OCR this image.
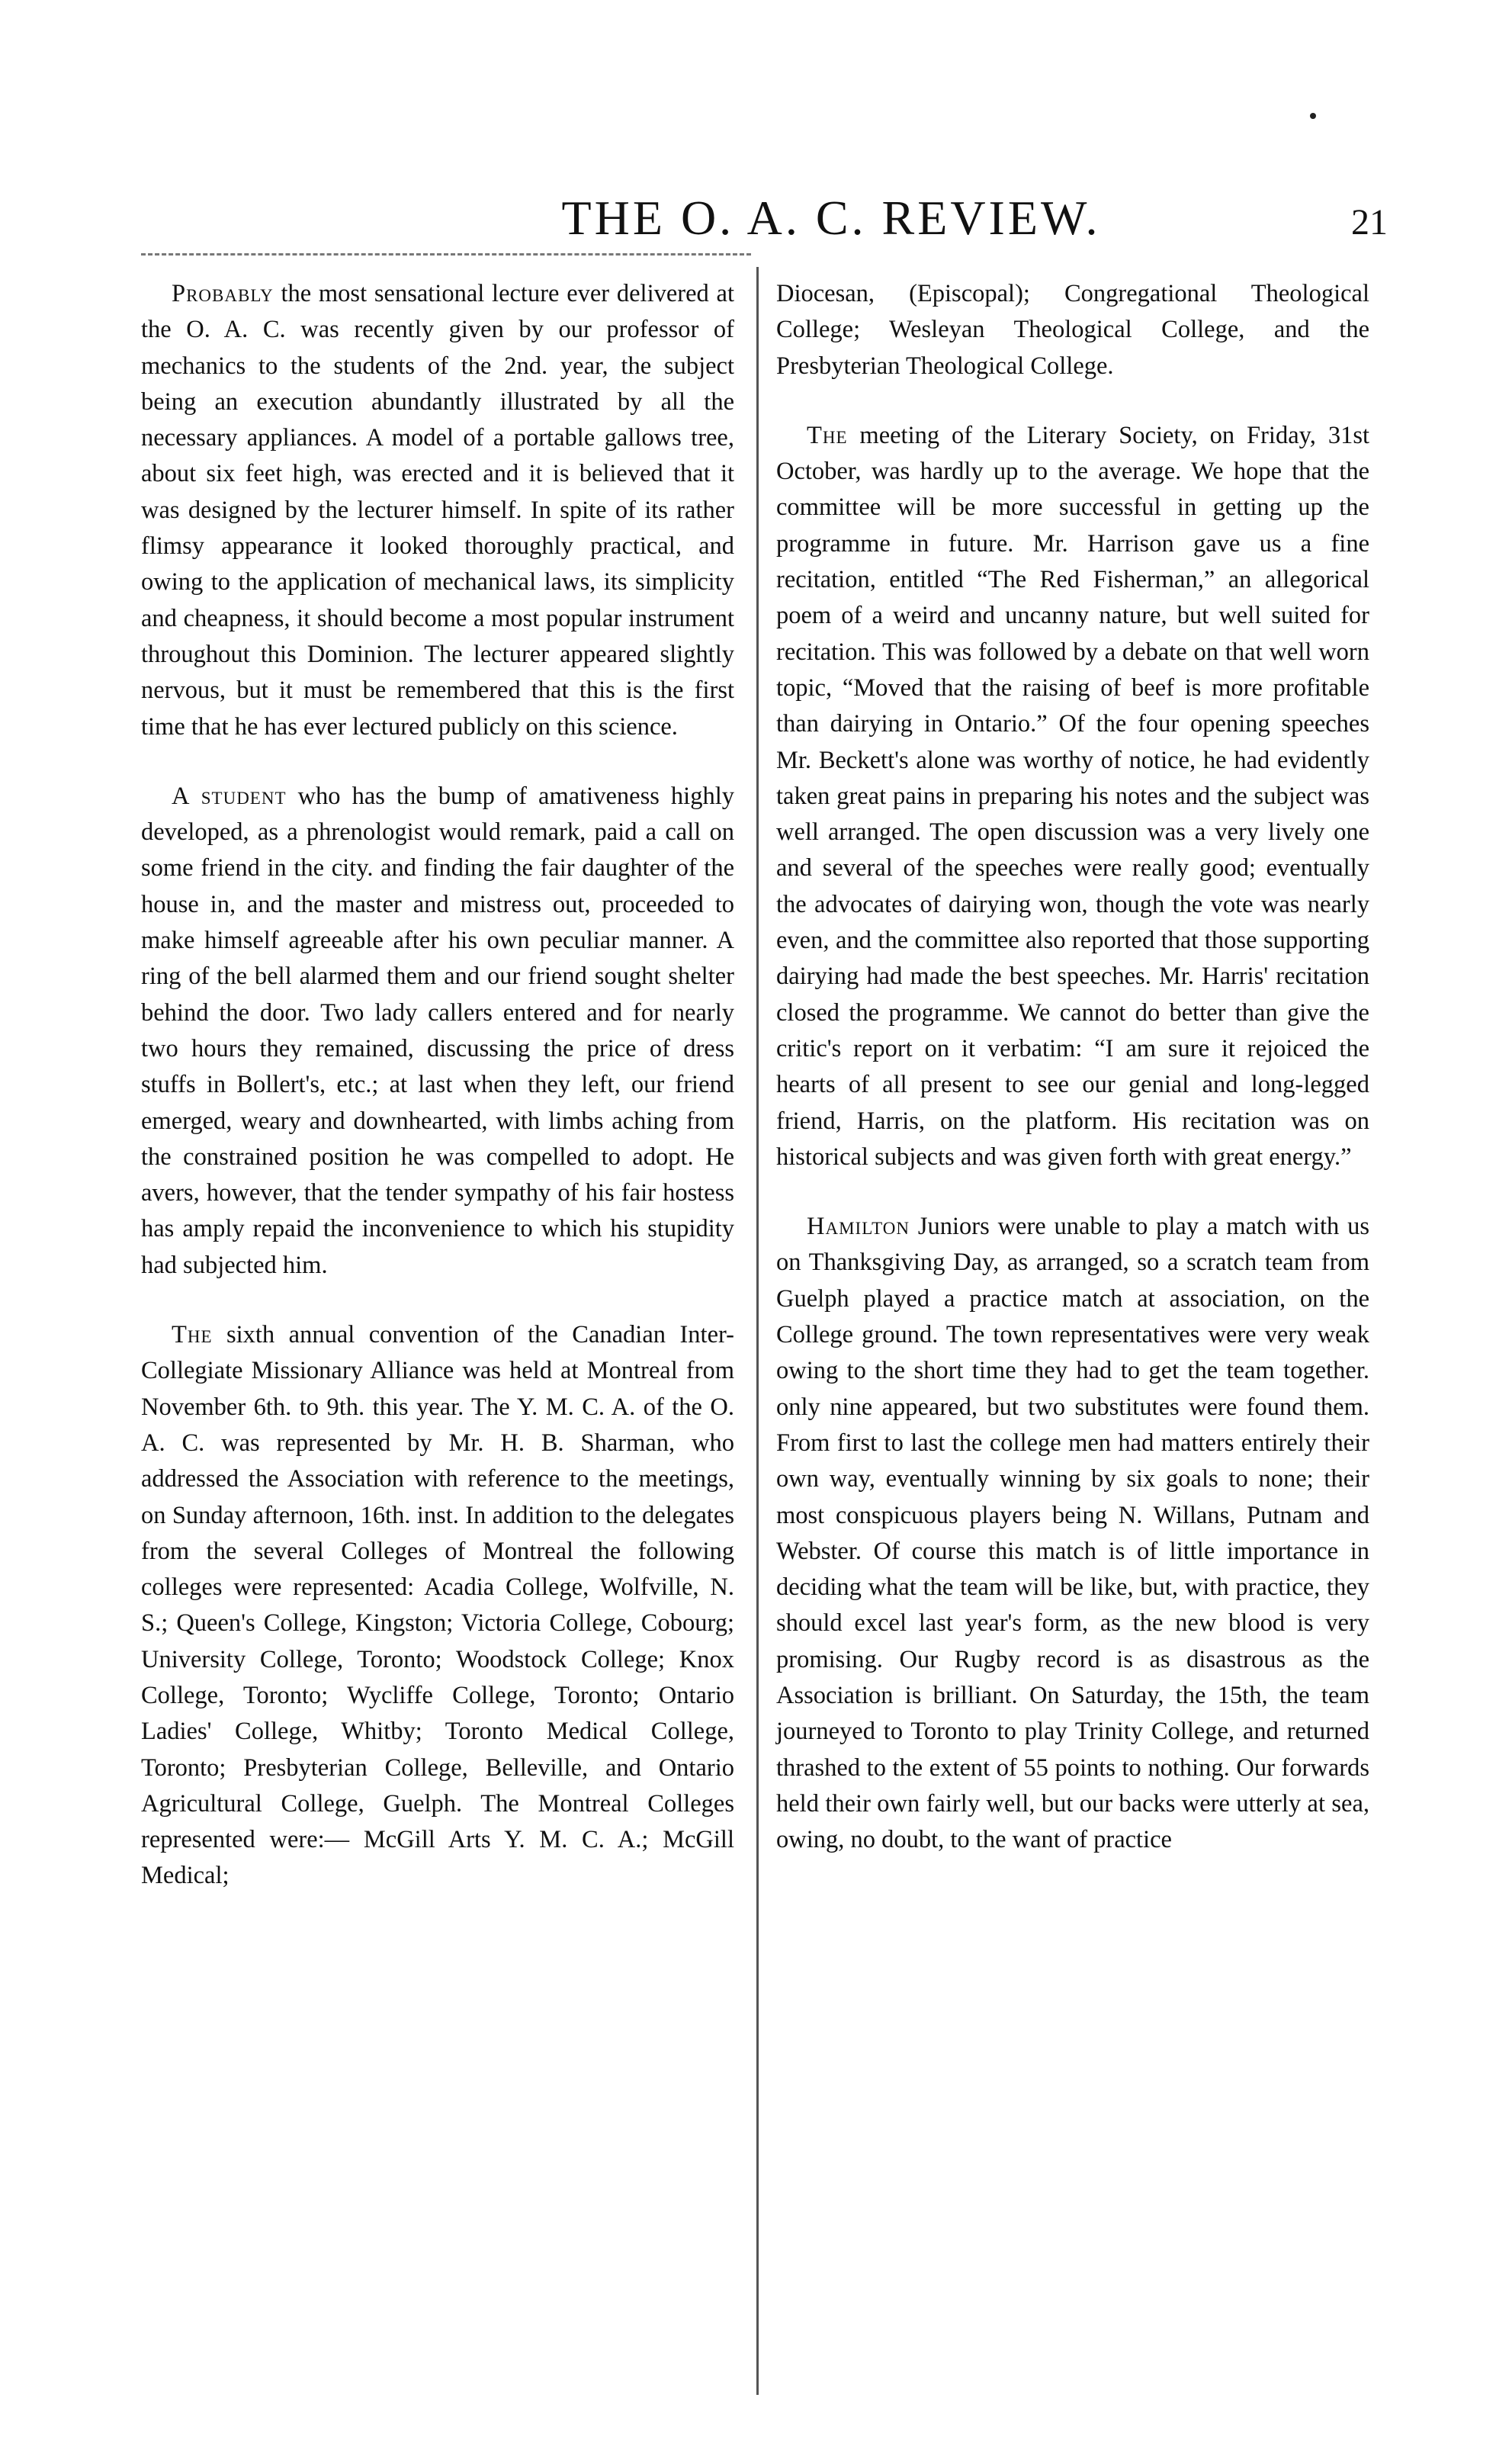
THE O. A. C. REVIEW.	21

Probably the most sensational lecture ever delivered at the O. A. C. was recently given by our professor of mechanics to the students of the 2nd. year, the subject being an execution abundantly illustrated by all the necessary appliances. A model of a portable gallows tree, about six feet high, was erected and it is believed that it was designed by the lecturer himself. In spite of its rather flimsy appearance it looked thoroughly practical, and owing to the application of mechanical laws, its simplicity and cheapness, it should become a most popular instrument throughout this Dominion. The lecturer appeared slightly nervous, but it must be remembered that this is the first time that he has ever lectured publicly on this science.

A student who has the bump of amativeness highly developed, as a phrenologist would remark, paid a call on some friend in the city. and finding the fair daughter of the house in, and the master and mistress out, proceeded to make himself agreeable after his own peculiar manner. A ring of the bell alarmed them and our friend sought shelter behind the door. Two lady callers entered and for nearly two hours they remained, discussing the price of dress stuffs in Bollert's, etc.; at last when they left, our friend emerged, weary and downhearted, with limbs aching from the constrained position he was compelled to adopt. He avers, however, that the tender sympathy of his fair hostess has amply repaid the inconvenience to which his stupidity had subjected him.

The sixth annual convention of the Canadian Inter-Collegiate Missionary Alliance was held at Montreal from November 6th. to 9th. this year. The Y. M. C. A. of the O. A. C. was represented by Mr. H. B. Sharman, who addressed the Association with reference to the meetings, on Sunday afternoon, 16th. inst. In addition to the delegates from the several Colleges of Montreal the following colleges were represented: Acadia College, Wolfville, N. S.; Queen's College, Kingston; Victoria College, Cobourg; University College, Toronto; Woodstock College; Knox College, Toronto; Wycliffe College, Toronto; Ontario Ladies' College, Whitby; Toronto Medical College, Toronto; Presbyterian College, Belleville, and Ontario Agricultural College, Guelph. The Montreal Colleges represented were:— McGill Arts Y. M. C. A.; McGill Medical;

Diocesan, (Episcopal); Congregational Theological College; Wesleyan Theological College, and the Presbyterian Theological College.

The meeting of the Literary Society, on Friday, 31st October, was hardly up to the average. We hope that the committee will be more successful in getting up the programme in future. Mr. Harrison gave us a fine recitation, entitled “The Red Fisherman,” an allegorical poem of a weird and uncanny nature, but well suited for recitation. This was followed by a debate on that well worn topic, “Moved that the raising of beef is more profitable than dairying in Ontario.” Of the four opening speeches Mr. Beckett's alone was worthy of notice, he had evidently taken great pains in preparing his notes and the subject was well arranged. The open discussion was a very lively one and several of the speeches were really good; eventually the advocates of dairying won, though the vote was nearly even, and the committee also reported that those supporting dairying had made the best speeches. Mr. Harris' recitation closed the programme. We cannot do better than give the critic's report on it verbatim: “I am sure it rejoiced the hearts of all present to see our genial and long-legged friend, Harris, on the platform. His recitation was on historical subjects and was given forth with great energy.”

Hamilton Juniors were unable to play a match with us on Thanksgiving Day, as arranged, so a scratch team from Guelph played a practice match at association, on the College ground. The town representatives were very weak owing to the short time they had to get the team together. only nine appeared, but two substitutes were found them. From first to last the college men had matters entirely their own way, eventually winning by six goals to none; their most conspicuous players being N. Willans, Putnam and Webster. Of course this match is of little importance in deciding what the team will be like, but, with practice, they should excel last year's form, as the new blood is very promising. Our Rugby record is as disastrous as the Association is brilliant. On Saturday, the 15th, the team journeyed to Toronto to play Trinity College, and returned thrashed to the extent of 55 points to nothing. Our forwards held their own fairly well, but our backs were utterly at sea, owing, no doubt, to the want of practice
